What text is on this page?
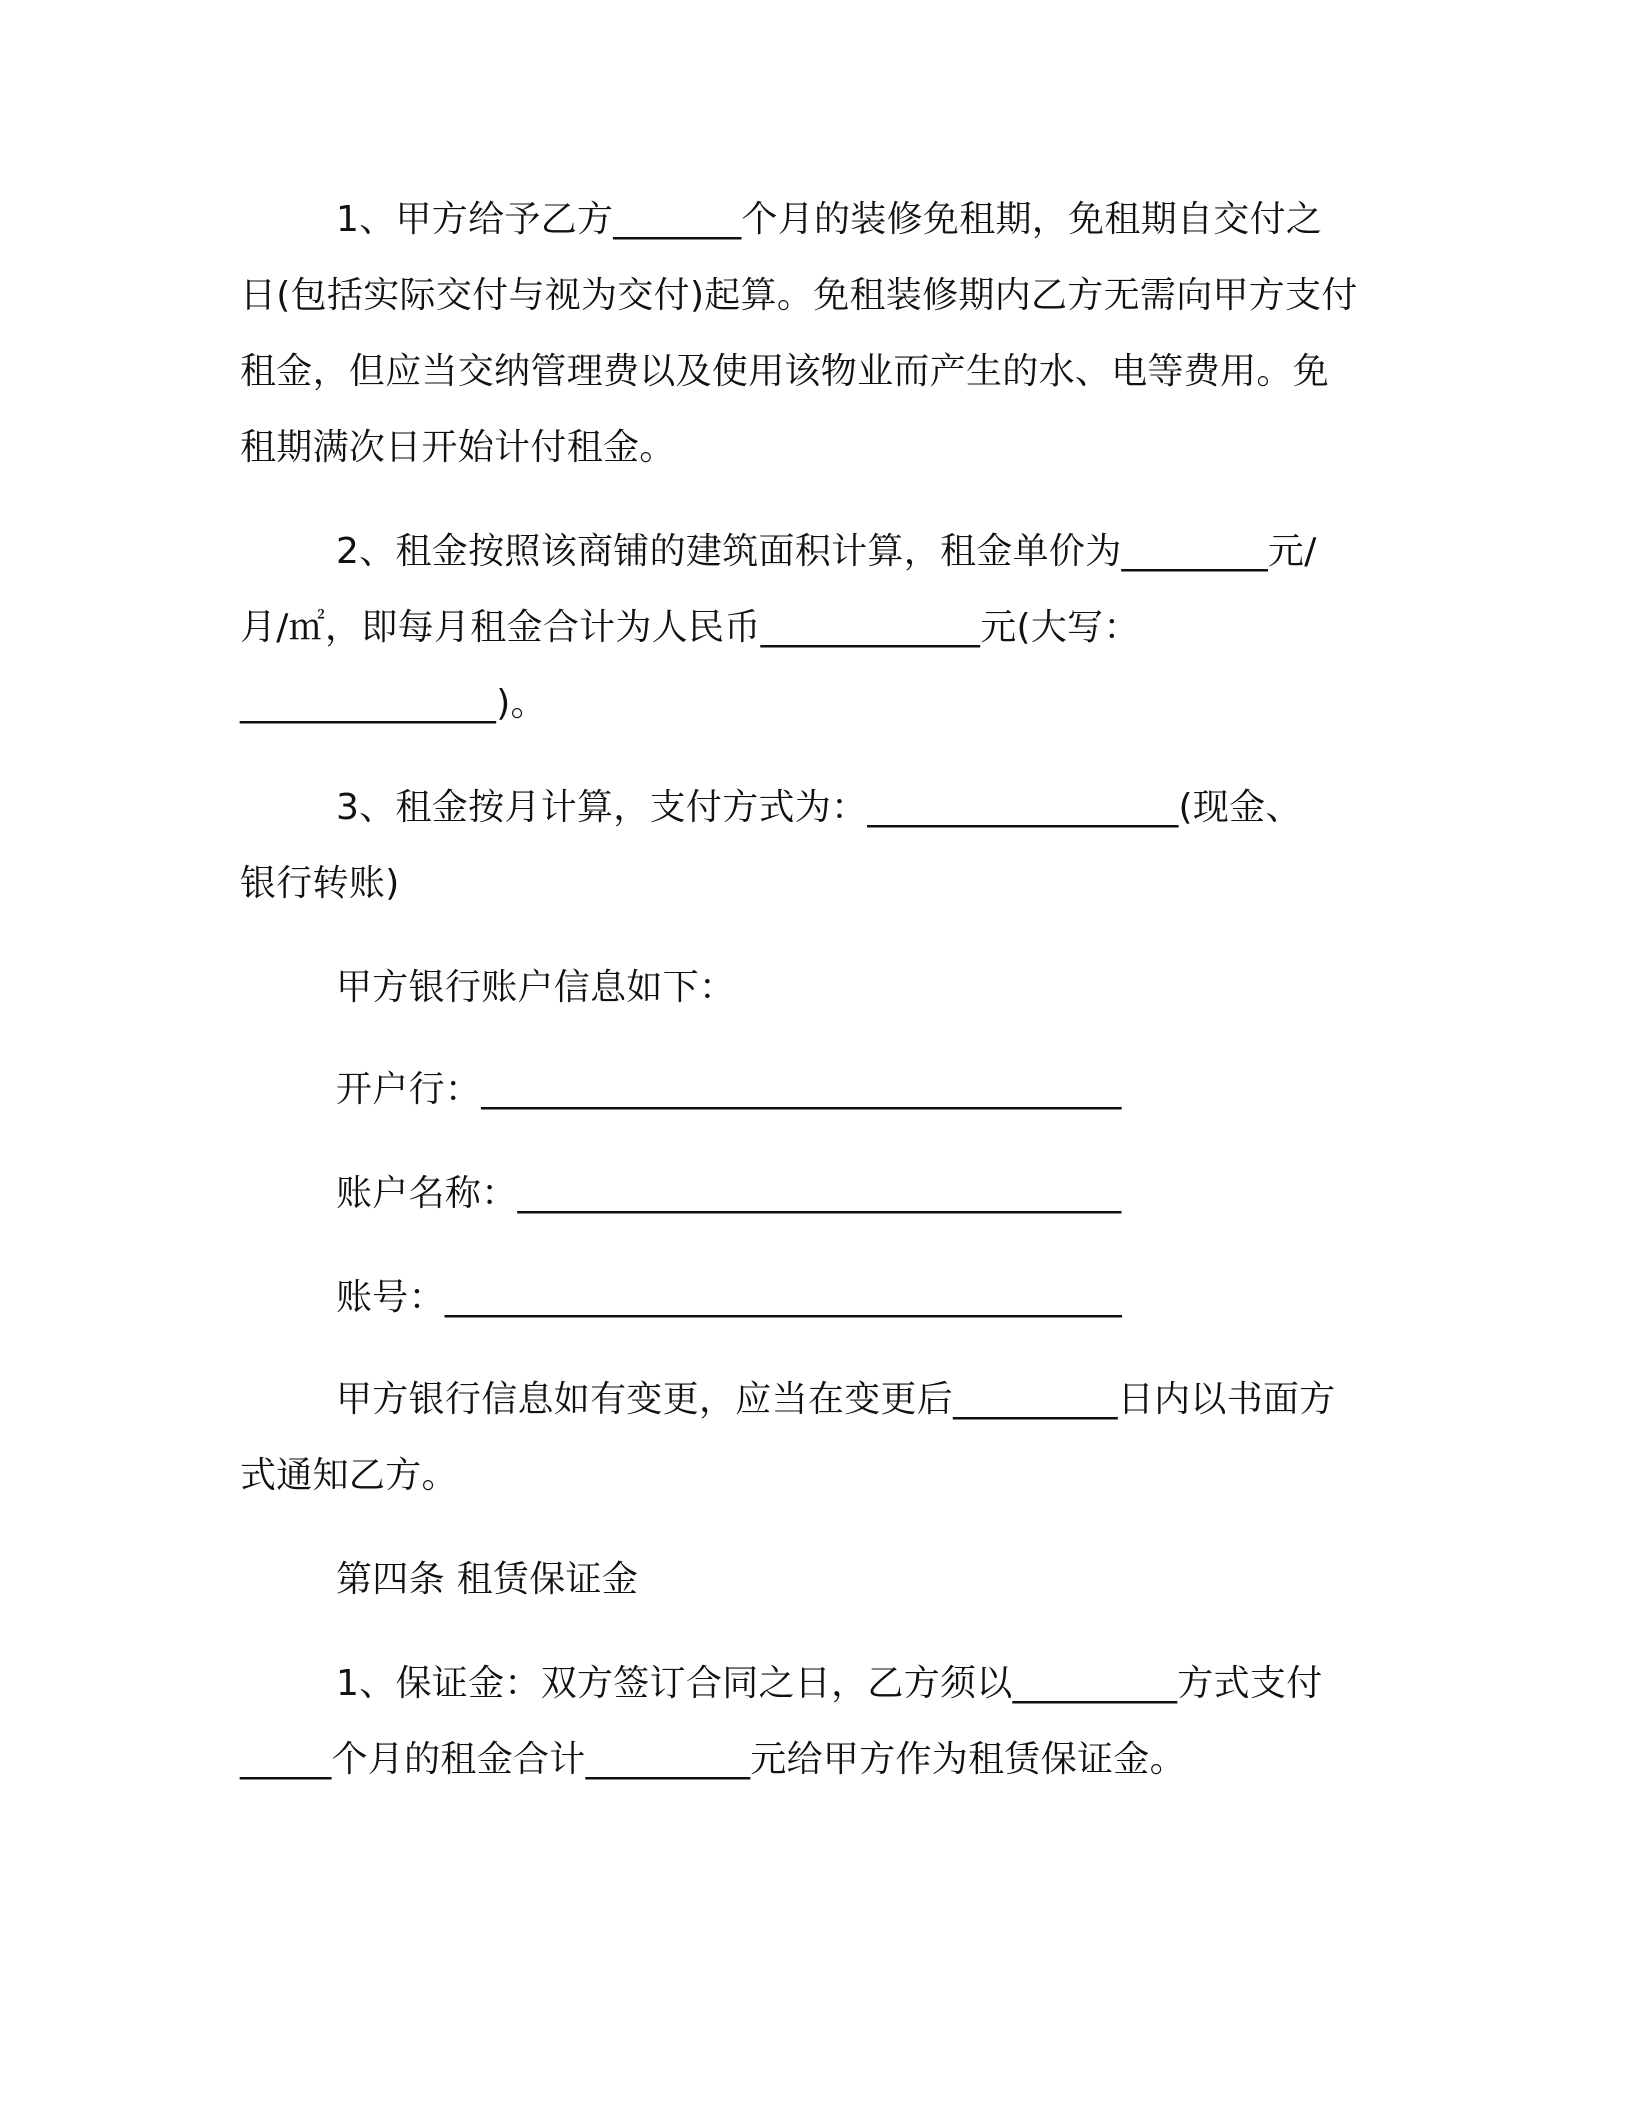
1、甲方给予乙方_______个月的装修免租期，免租期自交付之
日(包括实际交付与视为交付)起算。免租装修期内乙方无需向甲方支付
租金，但应当交纳管理费以及使用该物业而产生的水、电等费用。免
租期满次日开始计付租金。
2、租金按照该商铺的建筑面积计算，租金单价为________元/
月/㎡，即每月租金合计为人民币____________元(大写：
______________)。
3、租金按月计算，支付方式为：_________________(现金、
银行转账)
甲方银行账户信息如下：
开户行：___________________________________
账户名称：_________________________________
账号：_____________________________________
甲方银行信息如有变更，应当在变更后_________日内以书面方
式通知乙方。
第四条 租赁保证金
1、保证金：双方签订合同之日，乙方须以_________方式支付
_____个月的租金合计_________元给甲方作为租赁保证金。
